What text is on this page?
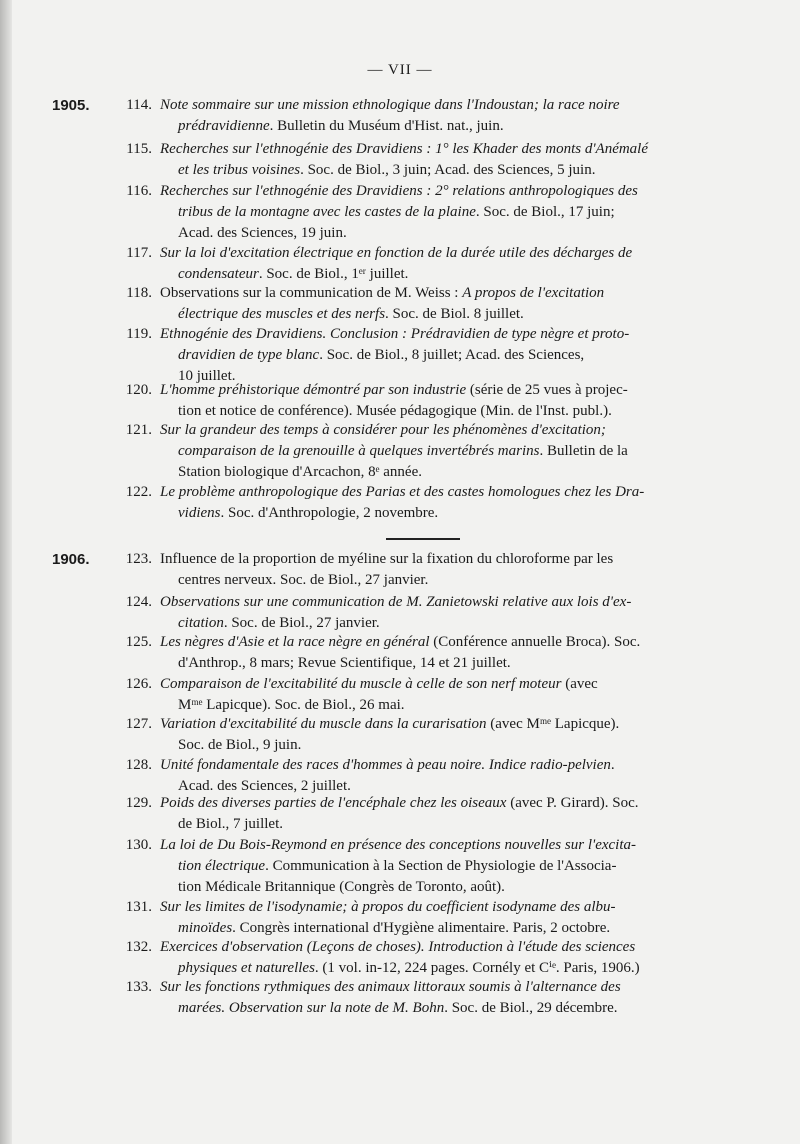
— VII —
1905. 114. Note sommaire sur une mission ethnologique dans l'Indoustan; la race noire
prédravidienne. Bulletin du Muséum d'Hist. nat., juin.
115. Recherches sur l'ethnogénie des Dravidiens : 1° les Khader des monts d'Anémalé
et les tribus voisines. Soc. de Biol., 3 juin; Acad. des Sciences, 5 juin.
116. Recherches sur l'ethnogénie des Dravidiens : 2° relations anthropologiques des
tribus de la montagne avec les castes de la plaine. Soc. de Biol., 17 juin;
Acad. des Sciences, 19 juin.
117. Sur la loi d'excitation électrique en fonction de la durée utile des décharges de
condensateur. Soc. de Biol., 1ᵉʳ juillet.
118. Observations sur la communication de M. Weiss : A propos de l'excitation
électrique des muscles et des nerfs. Soc. de Biol. 8 juillet.
119. Ethnogénie des Dravidiens. Conclusion : Prédravidien de type nègre et proto-
dravidien de type blanc. Soc. de Biol., 8 juillet; Acad. des Sciences,
10 juillet.
120. L'homme préhistorique démontré par son industrie (série de 25 vues à projec-
tion et notice de conférence). Musée pédagogique (Min. de l'Inst. publ.).
121. Sur la grandeur des temps à considérer pour les phénomènes d'excitation;
comparaison de la grenouille à quelques invertébrés marins. Bulletin de la
Station biologique d'Arcachon, 8ᵉ année.
122. Le problème anthropologique des Parias et des castes homologues chez les Dra-
vidiens. Soc. d'Anthropologie, 2 novembre.
1906. 123. Influence de la proportion de myéline sur la fixation du chloroforme par les
centres nerveux. Soc. de Biol., 27 janvier.
124. Observations sur une communication de M. Zanietowski relative aux lois d'ex-
citation. Soc. de Biol., 27 janvier.
125. Les nègres d'Asie et la race nègre en général (Conférence annuelle Broca). Soc.
d'Anthrop., 8 mars; Revue Scientifique, 14 et 21 juillet.
126. Comparaison de l'excitabilité du muscle à celle de son nerf moteur (avec
Mᵐᵉ Lapicque). Soc. de Biol., 26 mai.
127. Variation d'excitabilité du muscle dans la curarisation (avec Mᵐᵉ Lapicque).
Soc. de Biol., 9 juin.
128. Unité fondamentale des races d'hommes à peau noire. Indice radio-pelvien.
Acad. des Sciences, 2 juillet.
129. Poids des diverses parties de l'encéphale chez les oiseaux (avec P. Girard). Soc.
de Biol., 7 juillet.
130. La loi de Du Bois-Reymond en présence des conceptions nouvelles sur l'excita-
tion électrique. Communication à la Section de Physiologie de l'Associa-
tion Médicale Britannique (Congrès de Toronto, août).
131. Sur les limites de l'isodynamie; à propos du coefficient isodyname des albu-
minoïdes. Congrès international d'Hygiène alimentaire. Paris, 2 octobre.
132. Exercices d'observation (Leçons de choses). Introduction à l'étude des sciences
physiques et naturelles. (1 vol. in-12, 224 pages. Cornély et Cⁱᵉ. Paris, 1906.)
133. Sur les fonctions rythmiques des animaux littoraux soumis à l'alternance des
marées. Observation sur la note de M. Bohn. Soc. de Biol., 29 décembre.
